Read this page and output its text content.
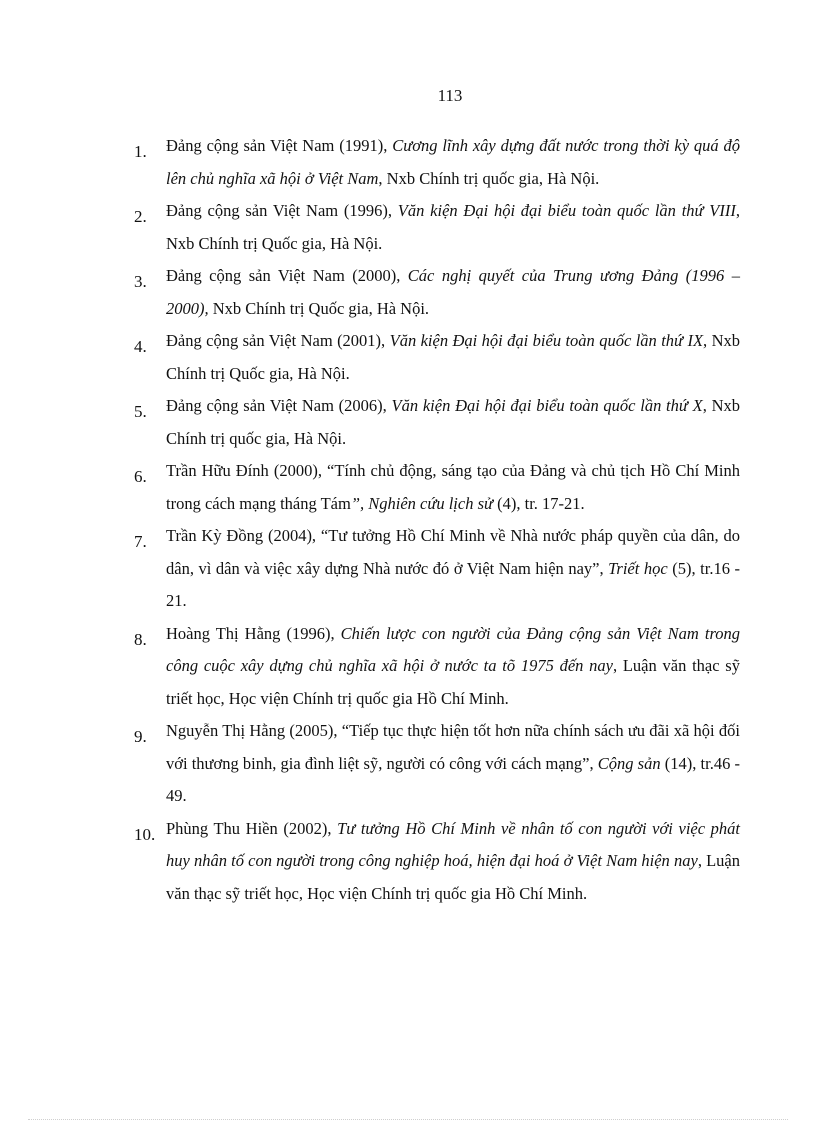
113
1.	Đảng cộng sản Việt Nam (1991), Cương lĩnh xây dựng đất nước trong thời kỳ quá độ lên chủ nghĩa xã hội ở Việt Nam, Nxb Chính trị quốc gia, Hà Nội.
2.	Đảng cộng sản Việt Nam (1996), Văn kiện Đại hội đại biểu toàn quốc lần thứ VIII, Nxb Chính trị Quốc gia, Hà Nội.
3.	Đảng cộng sản Việt Nam (2000), Các nghị quyết của Trung ương Đảng (1996 – 2000), Nxb Chính trị Quốc gia, Hà Nội.
4.	Đảng cộng sản Việt Nam (2001), Văn kiện Đại hội đại biểu toàn quốc lần thứ IX, Nxb Chính trị Quốc gia, Hà Nội.
5.	Đảng cộng sản Việt Nam (2006), Văn kiện Đại hội đại biểu toàn quốc lần thứ X, Nxb Chính trị quốc gia, Hà Nội.
6.	Trần Hữu Đính (2000), “Tính chủ động, sáng tạo của Đảng và chủ tịch Hồ Chí Minh trong cách mạng tháng Tám”, Nghiên cứu lịch sử (4), tr. 17-21.
7.	Trần Kỳ Đồng (2004), “Tư tưởng Hồ Chí Minh về Nhà nước pháp quyền của dân, do dân, vì dân và việc xây dựng Nhà nước đó ở Việt Nam hiện nay”, Triết học (5), tr.16 - 21.
8.	Hoàng Thị Hằng (1996), Chiến lược con người của Đảng cộng sản Việt Nam trong công cuộc xây dựng chủ nghĩa xã hội ở nước ta tõ 1975 đến nay, Luận văn thạc sỹ triết học, Học viện Chính trị quốc gia Hồ Chí Minh.
9.	Nguyễn Thị Hằng (2005), “Tiếp tục thực hiện tốt hơn nữa chính sách ưu đãi xã hội đối với thương binh, gia đình liệt sỹ, người có công với cách mạng”, Cộng sản (14), tr.46 - 49.
10. Phùng Thu Hiền (2002), Tư tưởng Hồ Chí Minh về nhân tố con người với việc phát huy nhân tố con người trong công nghiệp hoá, hiện đại hoá ở Việt Nam hiện nay, Luận văn thạc sỹ triết học, Học viện Chính trị quốc gia Hồ Chí Minh.
